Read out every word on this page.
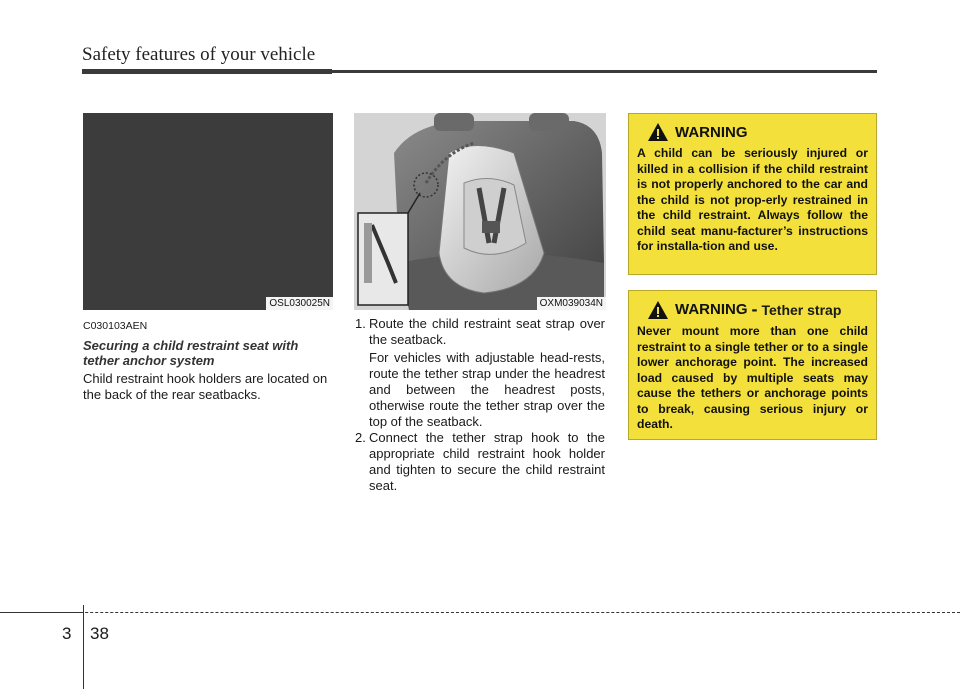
Safety features of your vehicle
OSL030025N	OXM039034N
C030103AEN
Securing a child restraint seat with tether anchor system
Child restraint hook holders are located on the back of the rear seatbacks.
1. Route the child restraint seat strap over the seatback.
For vehicles with adjustable head-rests, route the tether strap under the headrest and between the headrest posts, otherwise route the tether strap over the top of the seatback.
2. Connect the tether strap hook to the appropriate child restraint hook holder and tighten to secure the child restraint seat.
WARNING
A child can be seriously injured or killed in a collision if the child restraint is not properly anchored to the car and the child is not prop-erly restrained in the child restraint. Always follow the child seat manu-facturer’s instructions for installa-tion and use.
WARNING - Tether strap
Never mount more than one child restraint to a single tether or to a single lower anchorage point. The increased load caused by multiple seats may cause the tethers or anchorage points to break, causing serious injury or death.
3 38
